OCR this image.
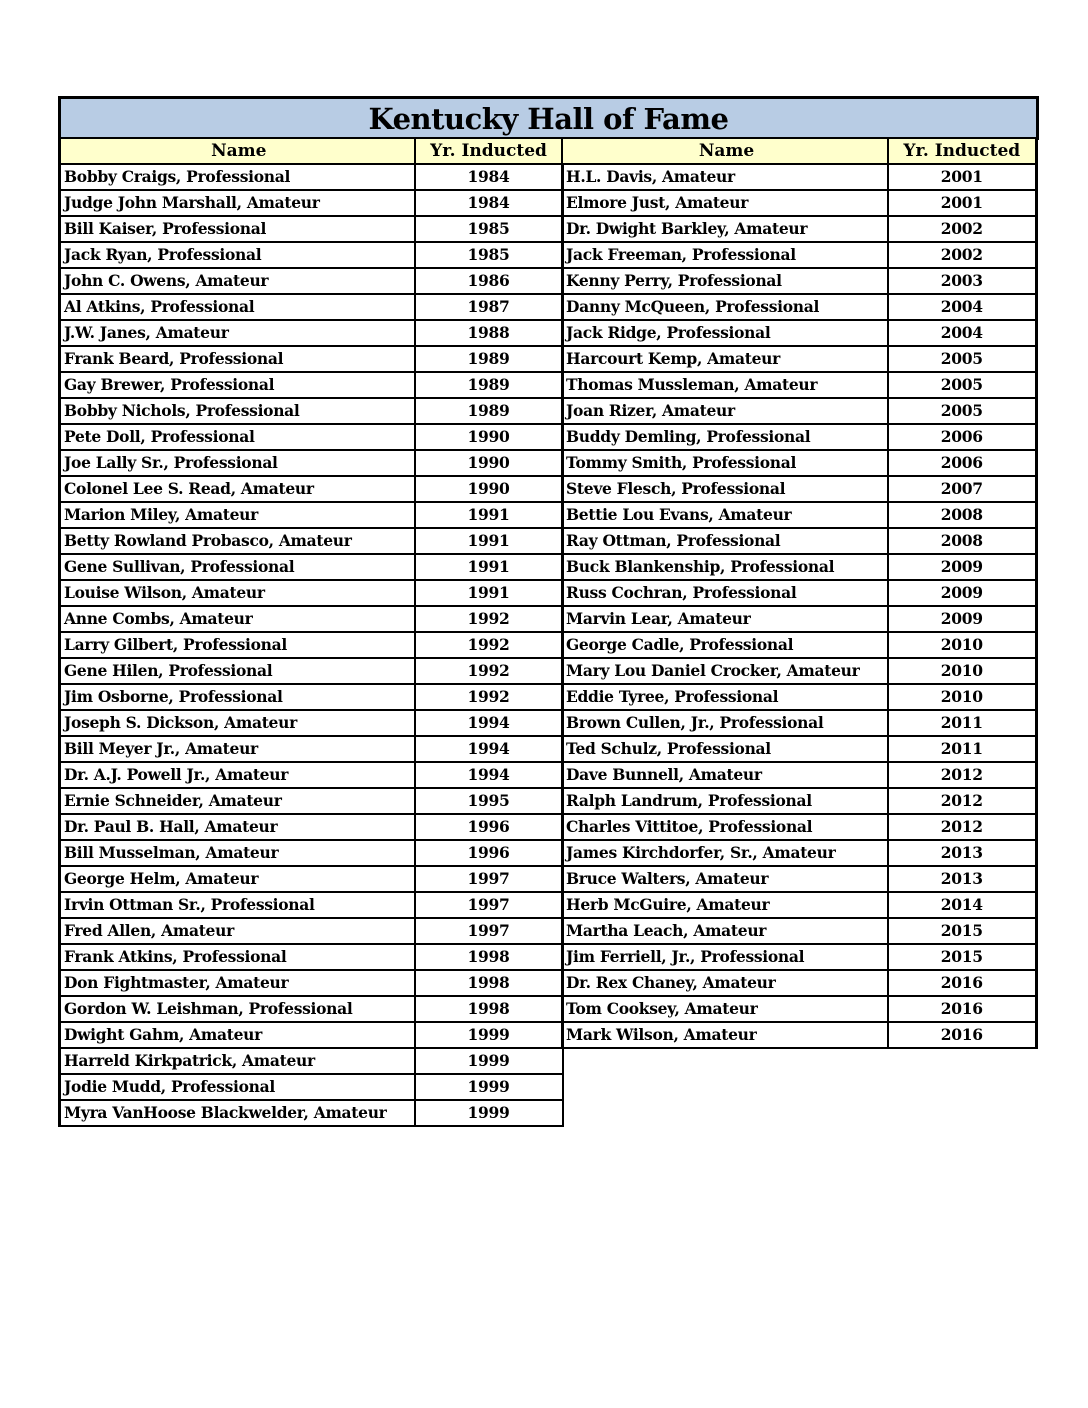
Kentucky Hall of Fame
Name	Yr. Inducted
Bobby Craigs, Professional	1984
Judge John Marshall, Amateur	1984
Bill Kaiser, Professional	1985
Jack Ryan, Professional	1985
John C. Owens, Amateur	1986
Al Atkins, Professional	1987
J.W. Janes, Amateur	1988
Frank Beard, Professional	1989
Gay Brewer, Professional	1989
Bobby Nichols, Professional	1989
Pete Doll, Professional	1990
Joe Lally Sr., Professional	1990
Colonel Lee S. Read, Amateur	1990
Marion Miley, Amateur	1991
Betty Rowland Probasco, Amateur	1991
Gene Sullivan, Professional	1991
Louise Wilson, Amateur	1991
Anne Combs, Amateur	1992
Larry Gilbert, Professional	1992
Gene Hilen, Professional	1992
Jim Osborne, Professional	1992
Joseph S. Dickson, Amateur	1994
Bill Meyer Jr., Amateur	1994
Dr. A.J. Powell Jr., Amateur	1994
Ernie Schneider, Amateur	1995
Dr. Paul B. Hall, Amateur	1996
Bill Musselman, Amateur	1996
George Helm, Amateur	1997
Irvin Ottman Sr., Professional	1997
Fred Allen, Amateur	1997
Frank Atkins, Professional	1998
Don Fightmaster, Amateur	1998
Gordon W. Leishman, Professional	1998
Dwight Gahm, Amateur	1999
Harreld Kirkpatrick, Amateur	1999
Jodie Mudd, Professional	1999
Myra VanHoose Blackwelder, Amateur	1999
Name	Yr. Inducted
H.L. Davis, Amateur	2001
Elmore Just, Amateur	2001
Dr. Dwight Barkley, Amateur	2002
Jack Freeman, Professional	2002
Kenny Perry, Professional	2003
Danny McQueen, Professional	2004
Jack Ridge, Professional	2004
Harcourt Kemp, Amateur	2005
Thomas Mussleman, Amateur	2005
Joan Rizer, Amateur	2005
Buddy Demling, Professional	2006
Tommy Smith, Professional	2006
Steve Flesch, Professional	2007
Bettie Lou Evans, Amateur	2008
Ray Ottman, Professional	2008
Buck Blankenship, Professional	2009
Russ Cochran, Professional	2009
Marvin Lear, Amateur	2009
George Cadle, Professional	2010
Mary Lou Daniel Crocker, Amateur	2010
Eddie Tyree, Professional	2010
Brown Cullen, Jr., Professional	2011
Ted Schulz, Professional	2011
Dave Bunnell, Amateur	2012
Ralph Landrum, Professional	2012
Charles Vittitoe, Professional	2012
James Kirchdorfer, Sr., Amateur	2013
Bruce Walters, Amateur	2013
Herb McGuire, Amateur	2014
Martha Leach, Amateur	2015
Jim Ferriell, Jr., Professional	2015
Dr. Rex Chaney, Amateur	2016
Tom Cooksey, Amateur	2016
Mark Wilson, Amateur	2016
